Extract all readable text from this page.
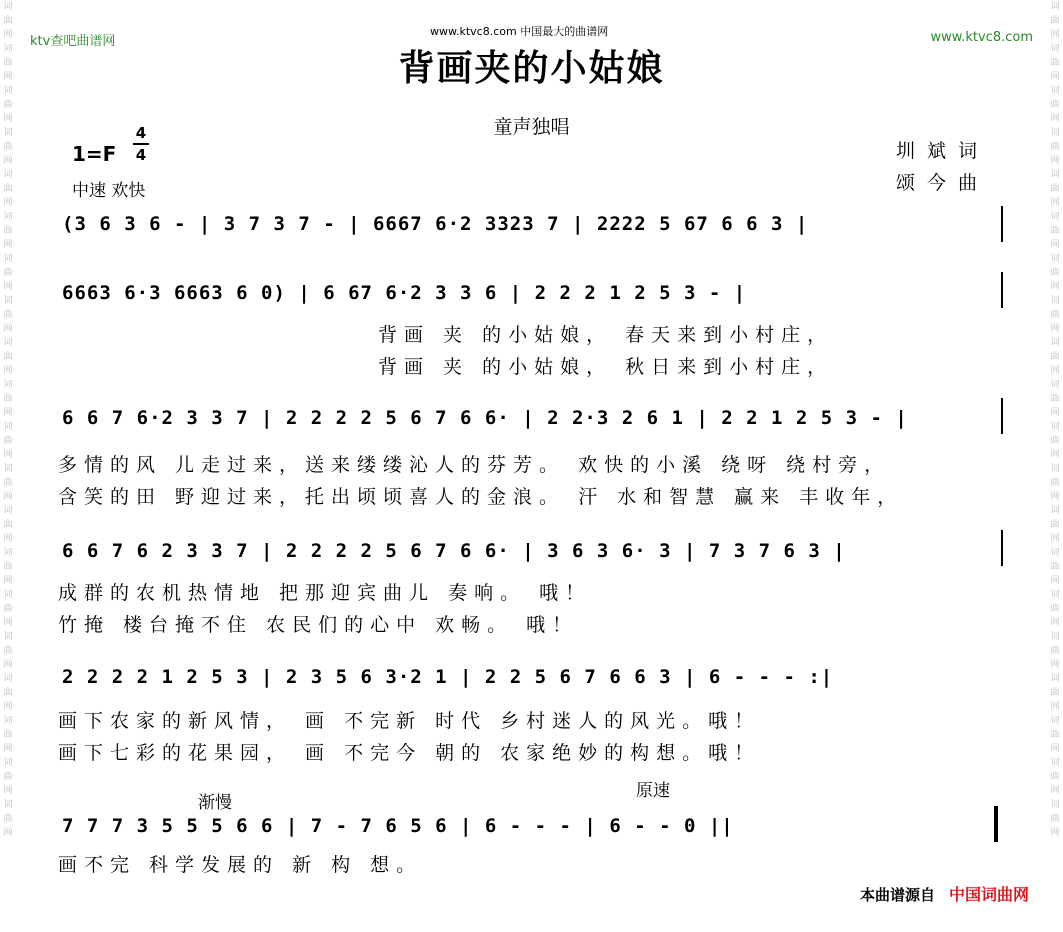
词曲网词曲网词曲网词曲网词曲网词曲网词曲网词曲网词曲网词曲网词曲网词曲网词曲网词曲网词曲网词曲网词曲网词曲网词曲网词曲网
词曲网词曲网词曲网词曲网词曲网词曲网词曲网词曲网词曲网词曲网词曲网词曲网词曲网词曲网词曲网词曲网词曲网词曲网词曲网词曲网
ktv查吧曲谱网	www.ktvc8.com
www.ktvc8.com 中国最大的曲谱网
背画夹的小姑娘
童声独唱
1=F
4
4
中速 欢快
圳斌词
颂今曲
(3 6 3 6 - | 3 7 3 7 - | 6667 6·2 3323 7 | 2222 5 67 6 6 3 |
6663 6·3 6663 6 0) | 6 67 6·2 3 3 6 | 2 2 2 1 2 5 3 - |
背画 夹 的小姑娘， 春天来到小村庄，
背画 夹 的小姑娘， 秋日来到小村庄，
6 6 7 6·2 3 3 7 | 2 2 2 2 5 6 7 6 6· | 2 2·3 2 6 1 | 2 2 1 2 5 3 - |
多情的风 儿走过来，送来缕缕沁人的芬芳。 欢快的小溪 绕呀 绕村旁，
含笑的田 野迎过来，托出顷顷喜人的金浪。 汗 水和智慧 赢来 丰收年，
6 6 7 6 2 3 3 7 | 2 2 2 2 5 6 7 6 6· | 3 6 3 6· 3 | 7 3 7 6 3 |
成群的农机热情地 把那迎宾曲儿 奏响。 哦！
竹掩 楼台掩不住 农民们的心中 欢畅。 哦！
2 2 2 2 1 2 5 3 | 2 3 5 6 3·2 1 | 2 2 5 6 7 6 6 3 | 6 - - - :|
画下农家的新风情， 画 不完新 时代 乡村迷人的风光。哦！
画下七彩的花果园， 画 不完今 朝的 农家绝妙的构想。哦！
渐慢
原速
7 7 7 3 5 5 5 6 6 | 7 - 7 6 5 6 | 6 - - - | 6 - - 0 ||
画不完 科学发展的 新 构 想。
本曲谱源自 中国词曲网
